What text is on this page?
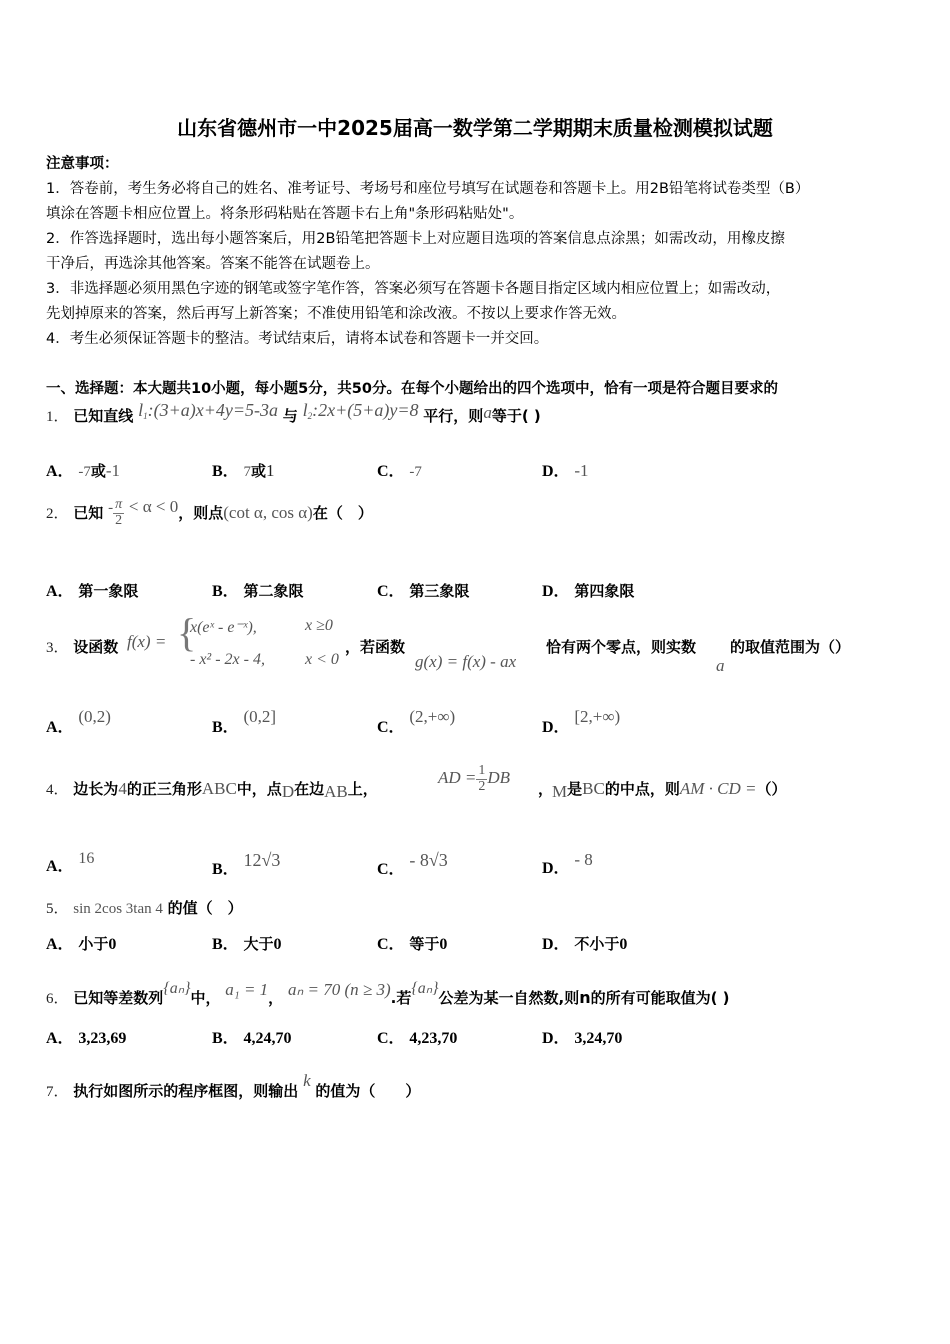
山东省德州市一中2025届高一数学第二学期期末质量检测模拟试题
注意事项：
1．答卷前，考生务必将自己的姓名、准考证号、考场号和座位号填写在试题卷和答题卡上。用2B铅笔将试卷类型（B）
填涂在答题卡相应位置上。将条形码粘贴在答题卡右上角"条形码粘贴处"。
2．作答选择题时，选出每小题答案后，用2B铅笔把答题卡上对应题目选项的答案信息点涂黑；如需改动，用橡皮擦
干净后，再选涂其他答案。答案不能答在试题卷上。
3．非选择题必须用黑色字迹的钢笔或签字笔作答，答案必须写在答题卡各题目指定区域内相应位置上；如需改动，
先划掉原来的答案，然后再写上新答案；不准使用铅笔和涂改液。不按以上要求作答无效。
4．考生必须保证答题卡的整洁。考试结束后，请将本试卷和答题卡一并交回。
一、选择题：本大题共10小题，每小题5分，共50分。在每个小题给出的四个选项中，恰有一项是符合题目要求的
1． 已知直线 $l_1:(3+a)x+4y=5-3a$ 与 $l_2:2x+(5+a)y=8$ 平行，则a等于( )
A． -7或-1	B． 7或1	C． -7	D． -1
2． 已知 - $\frac{\pi}{2} < \alpha < 0$，则点(cot α, cos α)在（　）
A． 第一象限	B． 第二象限	C． 第三象限	D． 第四象限
3． 设函数 f(x) = {
x(eˣ - e⁻ˣ),	x ≥0
- x² - 2x - 4,	x < 0
，若函数
g(x) = f(x) - ax
恰有两个零点，则实数
a
的取值范围为（）
A． (0,2)
B． (0,2]
C． (2,+∞)
D． [2,+∞)
4． 边长为4的正三角形ABC中，点D在边AB上，
AD = $\frac{1}{2}$ DB
，
M是BC的中点，则AM · CD =（）
A． 16
B． 12√3	C． - 8√3	D． - 8
5． sin 2cos 3tan 4 的值（　）
A． 小于0	B． 大于0	C． 等于0	D． 不小于0
6． 已知等差数列{aₙ}中， a₁ = 1， aₙ = 70 (n ≥ 3).若{aₙ}公差为某一自然数,则n的所有可能取值为( )
A． 3,23,69	B． 4,24,70	C． 4,23,70	D． 3,24,70
7． 执行如图所示的程序框图，则输出 k 的值为（　　）
